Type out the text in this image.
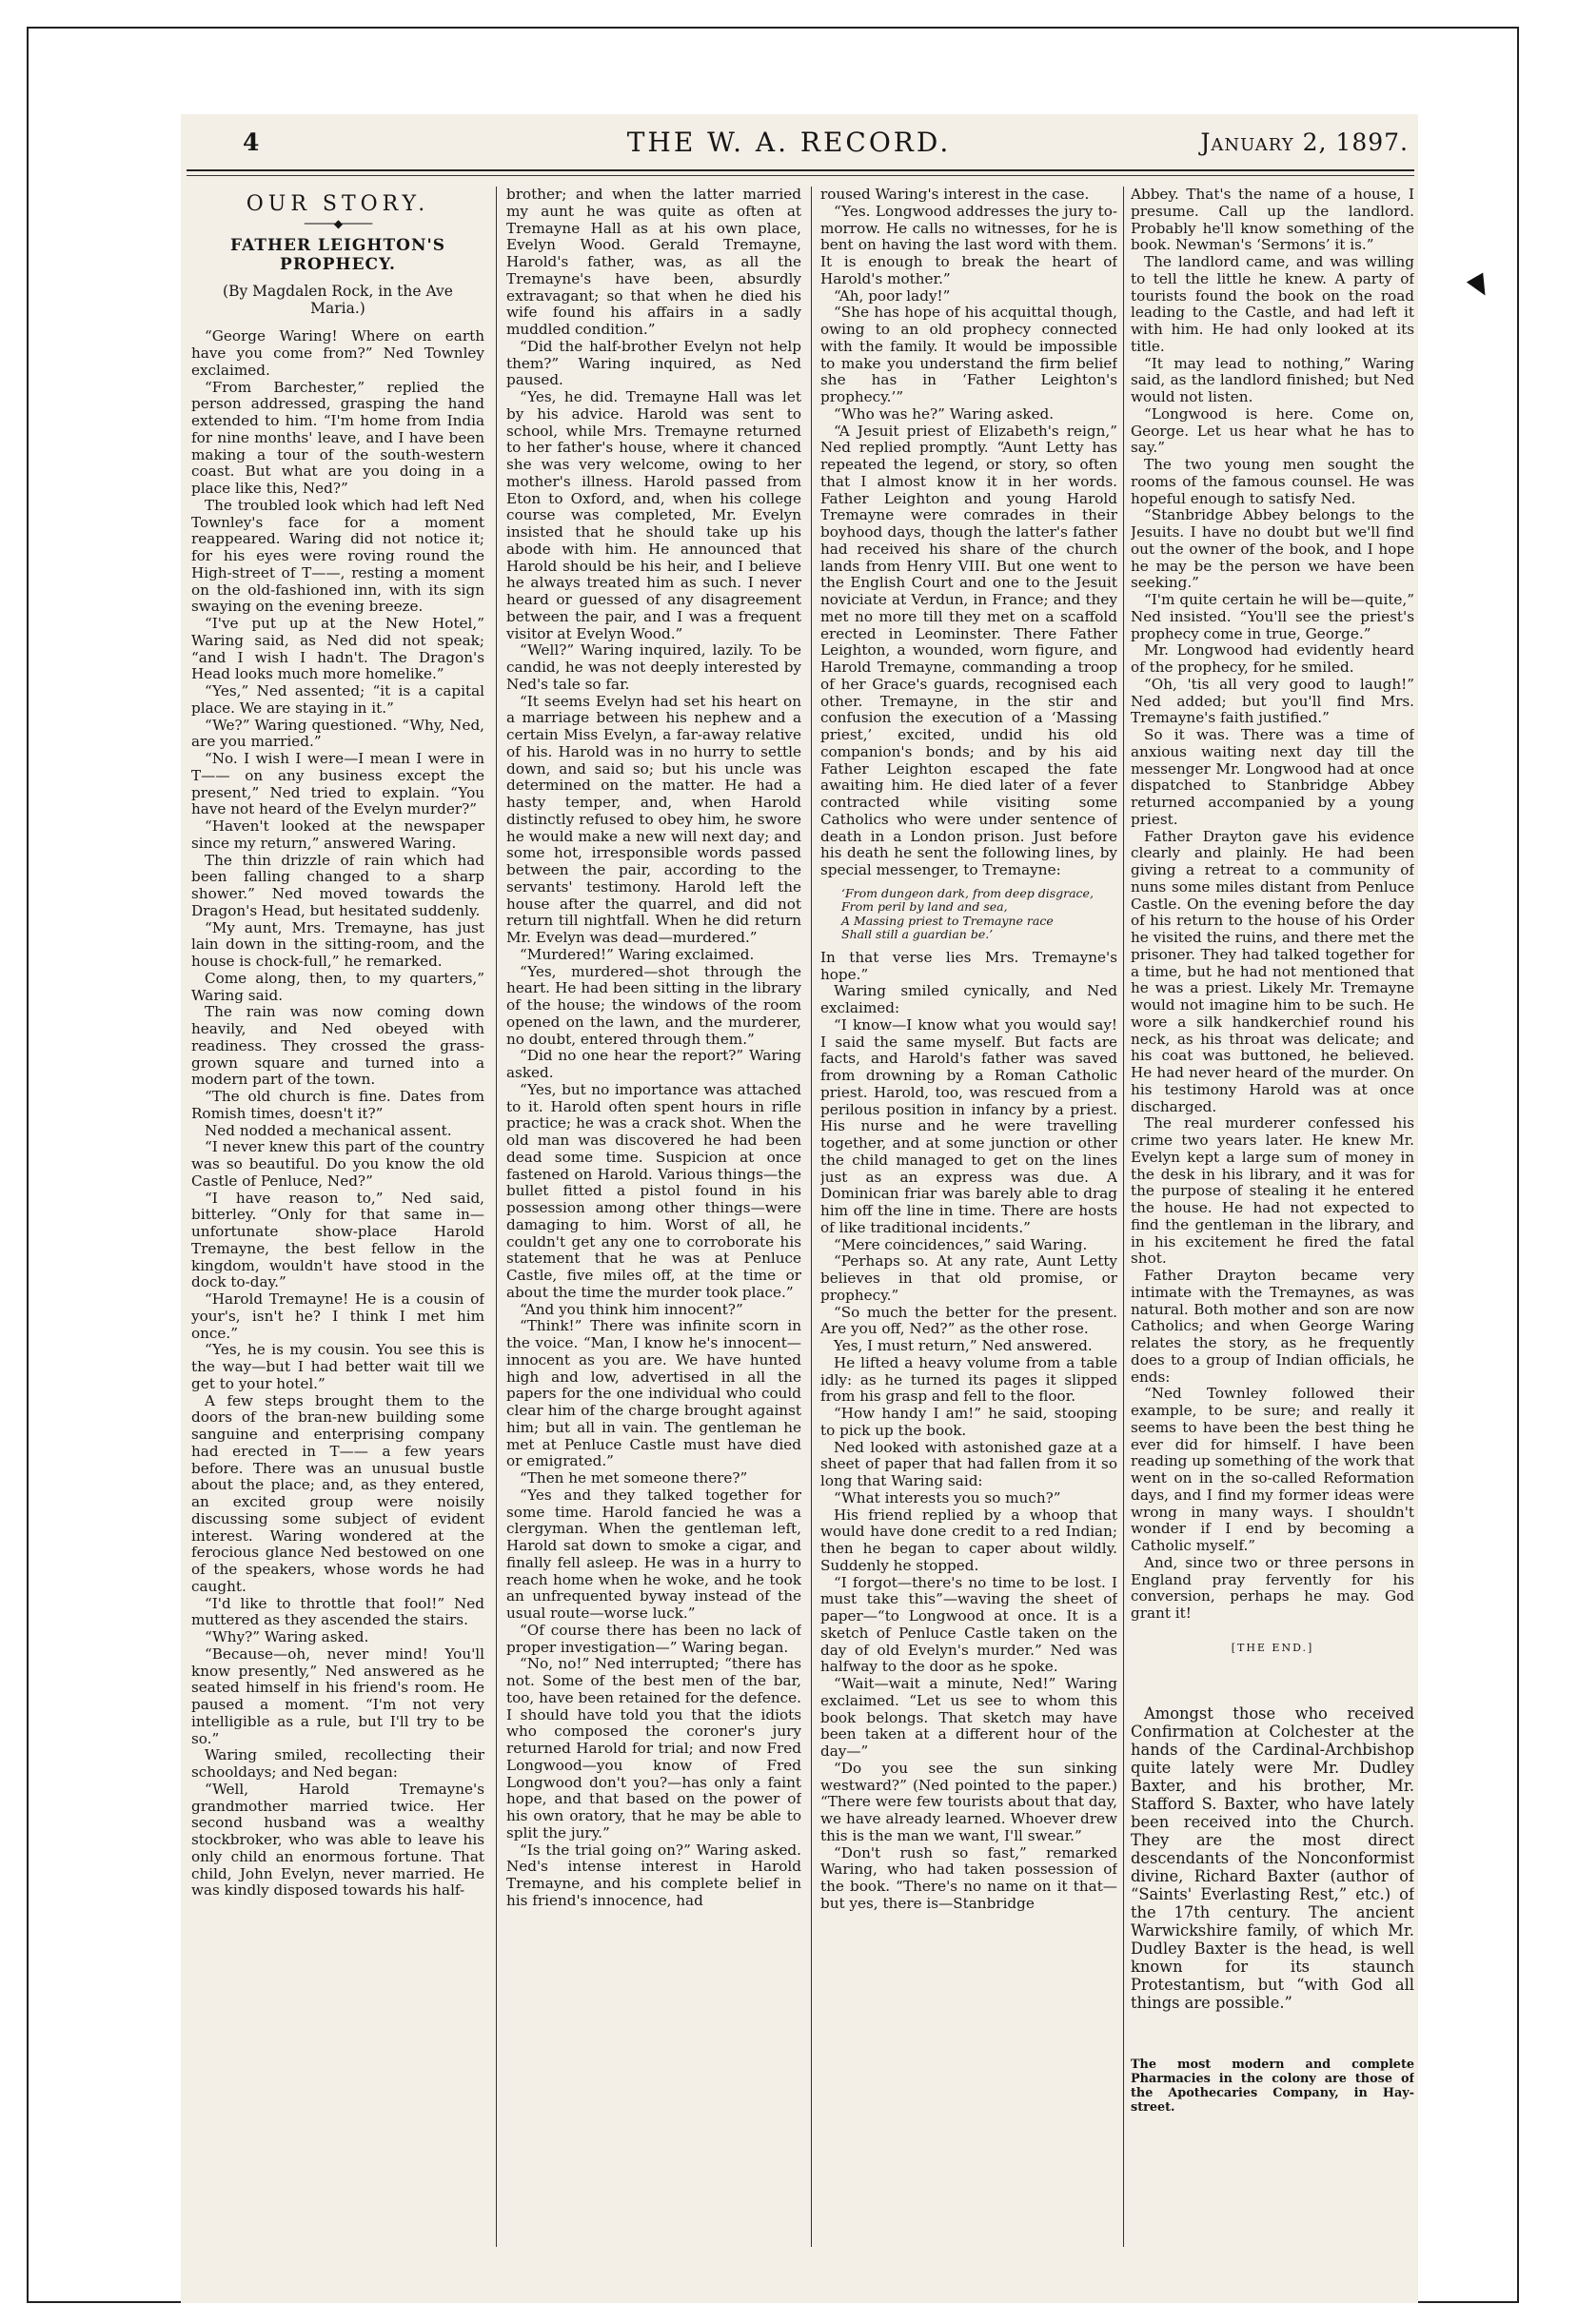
4	THE W. A. RECORD.	January 2, 1897.
OUR STORY.
─────◆─────
FATHER LEIGHTON'S PROPHECY.
(By Magdalen Rock, in the Ave Maria.)

“George Waring! Where on earth have you come from?” Ned Townley exclaimed.

“From Barchester,” replied the person addressed, grasping the hand extended to him. “I'm home from India for nine months' leave, and I have been making a tour of the south-western coast. But what are you doing in a place like this, Ned?”

The troubled look which had left Ned Townley's face for a moment reappeared. Waring did not notice it; for his eyes were roving round the High-street of T——, resting a moment on the old-fashioned inn, with its sign swaying on the evening breeze.

“I've put up at the New Hotel,” Waring said, as Ned did not speak; “and I wish I hadn't. The Dragon's Head looks much more homelike.”

“Yes,” Ned assented; “it is a capital place. We are staying in it.”

“We?” Waring questioned. “Why, Ned, are you married.”

“No. I wish I were—I mean I were in T—— on any business except the present,” Ned tried to explain. “You have not heard of the Evelyn murder?”

“Haven't looked at the newspaper since my return,” answered Waring.

The thin drizzle of rain which had been falling changed to a sharp shower.” Ned moved towards the Dragon's Head, but hesitated suddenly.

“My aunt, Mrs. Tremayne, has just lain down in the sitting-room, and the house is chock-full,” he remarked.

Come along, then, to my quarters,” Waring said.

The rain was now coming down heavily, and Ned obeyed with readiness. They crossed the grass-grown square and turned into a modern part of the town.

“The old church is fine. Dates from Romish times, doesn't it?”

Ned nodded a mechanical assent.

“I never knew this part of the country was so beautiful. Do you know the old Castle of Penluce, Ned?”

“I have reason to,” Ned said, bitterley. “Only for that same in—unfortunate show-place Harold Tremayne, the best fellow in the kingdom, wouldn't have stood in the dock to-day.”

“Harold Tremayne! He is a cousin of your's, isn't he? I think I met him once.”

“Yes, he is my cousin. You see this is the way—but I had better wait till we get to your hotel.”

A few steps brought them to the doors of the bran-new building some sanguine and enterprising company had erected in T—— a few years before. There was an unusual bustle about the place; and, as they entered, an excited group were noisily discussing some subject of evident interest. Waring wondered at the ferocious glance Ned bestowed on one of the speakers, whose words he had caught.

“I'd like to throttle that fool!” Ned muttered as they ascended the stairs.

“Why?” Waring asked.

“Because—oh, never mind! You'll know presently,” Ned answered as he seated himself in his friend's room. He paused a moment. “I'm not very intelligible as a rule, but I'll try to be so.”

Waring smiled, recollecting their schooldays; and Ned began:

“Well, Harold Tremayne's grandmother married twice. Her second husband was a wealthy stockbroker, who was able to leave his only child an enormous fortune. That child, John Evelyn, never married. He was kindly disposed towards his half-

brother; and when the latter married my aunt he was quite as often at Tremayne Hall as at his own place, Evelyn Wood. Gerald Tremayne, Harold's father, was, as all the Tremayne's have been, absurdly extravagant; so that when he died his wife found his affairs in a sadly muddled condition.”

“Did the half-brother Evelyn not help them?” Waring inquired, as Ned paused.

“Yes, he did. Tremayne Hall was let by his advice. Harold was sent to school, while Mrs. Tremayne returned to her father's house, where it chanced she was very welcome, owing to her mother's illness. Harold passed from Eton to Oxford, and, when his college course was completed, Mr. Evelyn insisted that he should take up his abode with him. He announced that Harold should be his heir, and I believe he always treated him as such. I never heard or guessed of any disagreement between the pair, and I was a frequent visitor at Evelyn Wood.”

“Well?” Waring inquired, lazily. To be candid, he was not deeply interested by Ned's tale so far.

“It seems Evelyn had set his heart on a marriage between his nephew and a certain Miss Evelyn, a far-away relative of his. Harold was in no hurry to settle down, and said so; but his uncle was determined on the matter. He had a hasty temper, and, when Harold distinctly refused to obey him, he swore he would make a new will next day; and some hot, irresponsible words passed between the pair, according to the servants' testimony. Harold left the house after the quarrel, and did not return till nightfall. When he did return Mr. Evelyn was dead—murdered.”

“Murdered!” Waring exclaimed.

“Yes, murdered—shot through the heart. He had been sitting in the library of the house; the windows of the room opened on the lawn, and the murderer, no doubt, entered through them.”

“Did no one hear the report?” Waring asked.

“Yes, but no importance was attached to it. Harold often spent hours in rifle practice; he was a crack shot. When the old man was discovered he had been dead some time. Suspicion at once fastened on Harold. Various things—the bullet fitted a pistol found in his possession among other things—were damaging to him. Worst of all, he couldn't get any one to corroborate his statement that he was at Penluce Castle, five miles off, at the time or about the time the murder took place.”

“And you think him innocent?”

“Think!” There was infinite scorn in the voice. “Man, I know he's innocent—innocent as you are. We have hunted high and low, advertised in all the papers for the one individual who could clear him of the charge brought against him; but all in vain. The gentleman he met at Penluce Castle must have died or emigrated.”

“Then he met someone there?”

“Yes and they talked together for some time. Harold fancied he was a clergyman. When the gentleman left, Harold sat down to smoke a cigar, and finally fell asleep. He was in a hurry to reach home when he woke, and he took an unfrequented byway instead of the usual route—worse luck.”

“Of course there has been no lack of proper investigation—” Waring began.

“No, no!” Ned interrupted; “there has not. Some of the best men of the bar, too, have been retained for the defence. I should have told you that the idiots who composed the coroner's jury returned Harold for trial; and now Fred Longwood—you know of Fred Longwood don't you?—has only a faint hope, and that based on the power of his own oratory, that he may be able to split the jury.”

“Is the trial going on?” Waring asked. Ned's intense interest in Harold Tremayne, and his complete belief in his friend's innocence, had

roused Waring's interest in the case.

“Yes. Longwood addresses the jury to-morrow. He calls no witnesses, for he is bent on having the last word with them. It is enough to break the heart of Harold's mother.”

“Ah, poor lady!”

“She has hope of his acquittal though, owing to an old prophecy connected with the family. It would be impossible to make you understand the firm belief she has in ‘Father Leighton's prophecy.’”

“Who was he?” Waring asked.

“A Jesuit priest of Elizabeth's reign,” Ned replied promptly. “Aunt Letty has repeated the legend, or story, so often that I almost know it in her words. Father Leighton and young Harold Tremayne were comrades in their boyhood days, though the latter's father had received his share of the church lands from Henry VIII. But one went to the English Court and one to the Jesuit noviciate at Verdun, in France; and they met no more till they met on a scaffold erected in Leominster. There Father Leighton, a wounded, worn figure, and Harold Tremayne, commanding a troop of her Grace's guards, recognised each other. Tremayne, in the stir and confusion the execution of a ‘Massing priest,’ excited, undid his old companion's bonds; and by his aid Father Leighton escaped the fate awaiting him. He died later of a fever contracted while visiting some Catholics who were under sentence of death in a London prison. Just before his death he sent the following lines, by special messenger, to Tremayne:

‘From dungeon dark, from deep disgrace,

From peril by land and sea,

A Massing priest to Tremayne race

Shall still a guardian be.’

In that verse lies Mrs. Tremayne's hope.”

Waring smiled cynically, and Ned exclaimed:

“I know—I know what you would say! I said the same myself. But facts are facts, and Harold's father was saved from drowning by a Roman Catholic priest. Harold, too, was rescued from a perilous position in infancy by a priest. His nurse and he were travelling together, and at some junction or other the child managed to get on the lines just as an express was due. A Dominican friar was barely able to drag him off the line in time. There are hosts of like traditional incidents.”

“Mere coincidences,” said Waring.

“Perhaps so. At any rate, Aunt Letty believes in that old promise, or prophecy.”

“So much the better for the present. Are you off, Ned?” as the other rose.

Yes, I must return,” Ned answered.

He lifted a heavy volume from a table idly: as he turned its pages it slipped from his grasp and fell to the floor.

“How handy I am!” he said, stooping to pick up the book.

Ned looked with astonished gaze at a sheet of paper that had fallen from it so long that Waring said:

“What interests you so much?”

His friend replied by a whoop that would have done credit to a red Indian; then he began to caper about wildly. Suddenly he stopped.

“I forgot—there's no time to be lost. I must take this”—waving the sheet of paper—“to Longwood at once. It is a sketch of Penluce Castle taken on the day of old Evelyn's murder.” Ned was halfway to the door as he spoke.

“Wait—wait a minute, Ned!” Waring exclaimed. “Let us see to whom this book belongs. That sketch may have been taken at a different hour of the day—”

“Do you see the sun sinking westward?” (Ned pointed to the paper.) “There were few tourists about that day, we have already learned. Whoever drew this is the man we want, I'll swear.”

“Don't rush so fast,” remarked Waring, who had taken possession of the book. “There's no name on it that—but yes, there is—Stanbridge

Abbey. That's the name of a house, I presume. Call up the landlord. Probably he'll know something of the book. Newman's ‘Sermons’ it is.”

The landlord came, and was willing to tell the little he knew. A party of tourists found the book on the road leading to the Castle, and had left it with him. He had only looked at its title.

“It may lead to nothing,” Waring said, as the landlord finished; but Ned would not listen.

“Longwood is here. Come on, George. Let us hear what he has to say.”

The two young men sought the rooms of the famous counsel. He was hopeful enough to satisfy Ned.

“Stanbridge Abbey belongs to the Jesuits. I have no doubt but we'll find out the owner of the book, and I hope he may be the person we have been seeking.”

“I'm quite certain he will be—quite,” Ned insisted. “You'll see the priest's prophecy come in true, George.”

Mr. Longwood had evidently heard of the prophecy, for he smiled.

“Oh, 'tis all very good to laugh!” Ned added; but you'll find Mrs. Tremayne's faith justified.”

So it was. There was a time of anxious waiting next day till the messenger Mr. Longwood had at once dispatched to Stanbridge Abbey returned accompanied by a young priest.

Father Drayton gave his evidence clearly and plainly. He had been giving a retreat to a community of nuns some miles distant from Penluce Castle. On the evening before the day of his return to the house of his Order he visited the ruins, and there met the prisoner. They had talked together for a time, but he had not mentioned that he was a priest. Likely Mr. Tremayne would not imagine him to be such. He wore a silk handkerchief round his neck, as his throat was delicate; and his coat was buttoned, he believed. He had never heard of the murder. On his testimony Harold was at once discharged.

The real murderer confessed his crime two years later. He knew Mr. Evelyn kept a large sum of money in the desk in his library, and it was for the purpose of stealing it he entered the house. He had not expected to find the gentleman in the library, and in his excitement he fired the fatal shot.

Father Drayton became very intimate with the Tremaynes, as was natural. Both mother and son are now Catholics; and when George Waring relates the story, as he frequently does to a group of Indian officials, he ends:

“Ned Townley followed their example, to be sure; and really it seems to have been the best thing he ever did for himself. I have been reading up something of the work that went on in the so-called Reformation days, and I find my former ideas were wrong in many ways. I shouldn't wonder if I end by becoming a Catholic myself.”

And, since two or three persons in England pray fervently for his conversion, perhaps he may. God grant it!

[THE END.]

Amongst those who received Confirmation at Colchester at the hands of the Cardinal-Archbishop quite lately were Mr. Dudley Baxter, and his brother, Mr. Stafford S. Baxter, who have lately been received into the Church. They are the most direct descendants of the Nonconformist divine, Richard Baxter (author of “Saints' Everlasting Rest,” etc.) of the 17th century. The ancient Warwickshire family, of which Mr. Dudley Baxter is the head, is well known for its staunch Protestantism, but “with God all things are possible.”

The most modern and complete Pharmacies in the colony are those of the Apothecaries Company, in Hay-street.
